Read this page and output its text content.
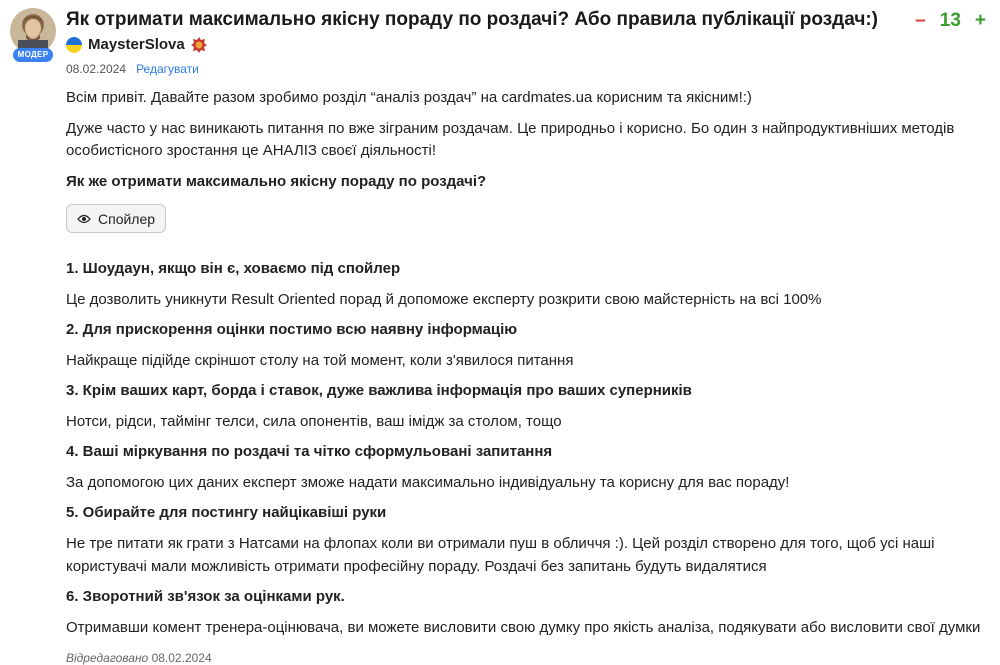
МОДЕР
Як отримати максимально якісну пораду по роздачі? Або правила публікації роздач:) – 13 +
MaysterSlova
08.02.2024 Редагувати
Всім привіт. Давайте разом зробимо розділ “аналіз роздач” на cardmates.ua корисним та якісним!:)
Дуже часто у нас виникають питання по вже зіграним роздачам. Це природньо і корисно. Бо один з найпродуктивніших методів особистісного зростання це АНАЛІЗ своєї діяльності!
Як же отримати максимально якісну пораду по роздачі?
Спойлер
1. Шоудаун, якщо він є, ховаємо під спойлер
Це дозволить уникнути Result Oriented порад й допоможе експерту розкрити свою майстерність на всі 100%
2. Для прискорення оцінки постимо всю наявну інформацію
Найкраще підійде скріншот столу на той момент, коли з'явилося питання
3. Крім ваших карт, борда і ставок, дуже важлива інформація про ваших суперників
Нотси, рідси, таймінг телси, сила опонентів, ваш імідж за столом, тощо
4. Ваші міркування по роздачі та чітко сформульовані запитання
За допомогою цих даних експерт зможе надати максимально індивідуальну та корисну для вас пораду!
5. Обирайте для постингу найцікавіші руки
Не тре питати як грати з Натсами на флопах коли ви отримали пуш в обличчя :). Цей розділ створено для того, щоб усі наші користувачі мали можливість отримати професійну пораду. Роздачі без запитань будуть видалятися
6. Зворотний зв'язок за оцінками рук.
Отримавши комент тренера-оцінювача, ви можете висловити свою думку про якість аналіза, подякувати або висловити свої думки
Відредаговано 08.02.2024
